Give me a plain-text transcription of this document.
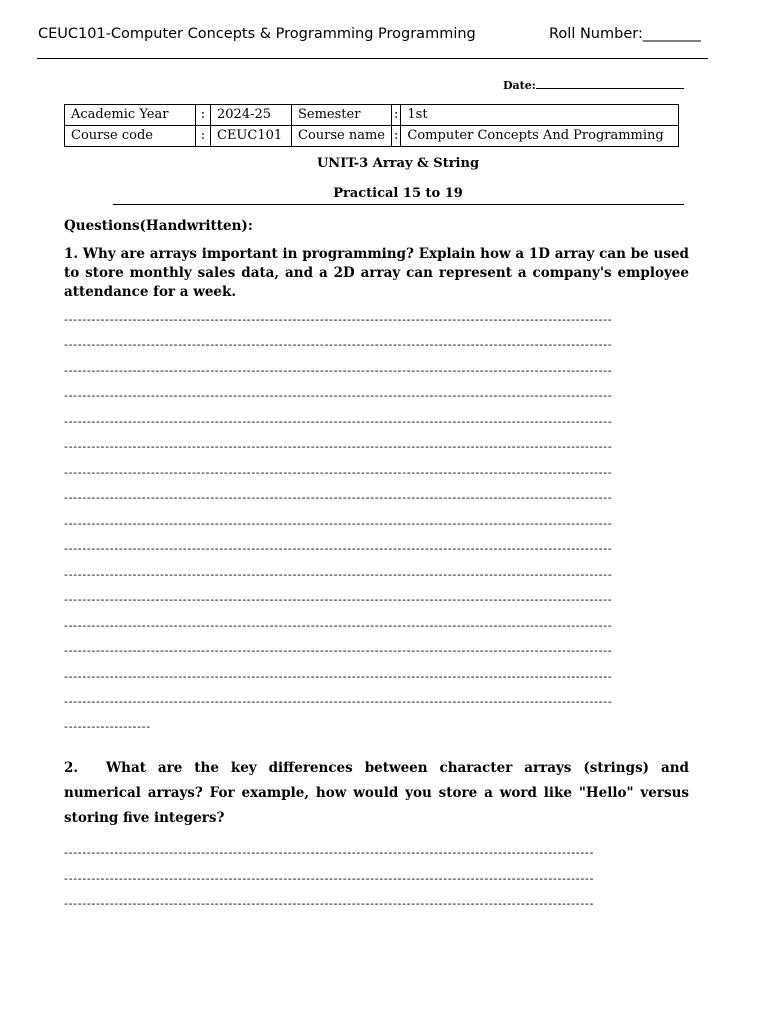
CEUC101-Computer Concepts & Programming Programming	Roll Number:________
Date:
Academic Year	:	2024-25	Semester	:	1st
Course code	:	CEUC101	Course name	:	Computer Concepts And Programming
UNIT-3 Array & String
Practical 15 to 19
Questions(Handwritten):
1. Why are arrays important in programming? Explain how a 1D array can be used to store monthly sales data, and a 2D array can represent a company's employee attendance for a week.
------------------------------------------------------------------------------------------------------------------------
------------------------------------------------------------------------------------------------------------------------
------------------------------------------------------------------------------------------------------------------------
------------------------------------------------------------------------------------------------------------------------
------------------------------------------------------------------------------------------------------------------------
------------------------------------------------------------------------------------------------------------------------
------------------------------------------------------------------------------------------------------------------------
------------------------------------------------------------------------------------------------------------------------
------------------------------------------------------------------------------------------------------------------------
------------------------------------------------------------------------------------------------------------------------
------------------------------------------------------------------------------------------------------------------------
------------------------------------------------------------------------------------------------------------------------
------------------------------------------------------------------------------------------------------------------------
------------------------------------------------------------------------------------------------------------------------
------------------------------------------------------------------------------------------------------------------------
------------------------------------------------------------------------------------------------------------------------
-------------------
2. What are the key differences between character arrays (strings) and numerical arrays? For example, how would you store a word like "Hello" versus storing five integers?
--------------------------------------------------------------------------------------------------------------------
--------------------------------------------------------------------------------------------------------------------
--------------------------------------------------------------------------------------------------------------------
